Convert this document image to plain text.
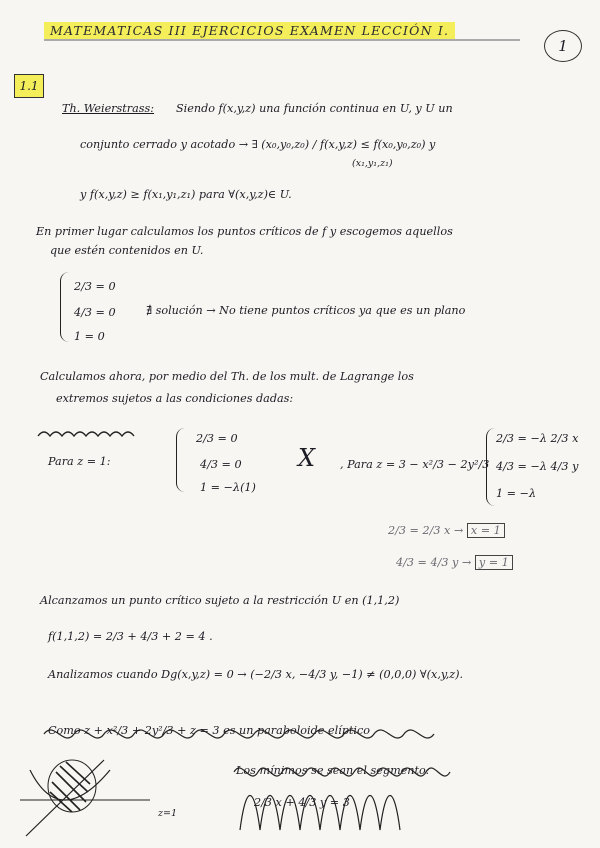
MATEMATICAS III EJERCICIOS EXAMEN LECCIÓN I.
1
1.1
Th. Weierstrass: Siendo f(x,y,z) una función continua en U, y U un
conjunto cerrado y acotado → ∃ (x₀,y₀,z₀) / f(x,y,z) ≤ f(x₀,y₀,z₀) y
(x₁,y₁,z₁)
y f(x,y,z) ≥ f(x₁,y₁,z₁) para ∀(x,y,z)∈ U.
En primer lugar calculamos los puntos críticos de f y escogemos aquellos
que estén contenidos en U.
2/3 = 0
4/3 = 0
1 = 0
∄ solución → No tiene puntos críticos ya que es un plano
Calculamos ahora, por medio del Th. de los mult. de Lagrange los
extremos sujetos a las condiciones dadas:
Para z = 1:
2/3 = 0
4/3 = 0
1 = −λ(1)
X , Para z = 3 − x²/3 − 2y²/3
2/3 = −λ 2/3 x
4/3 = −λ 4/3 y
1 = −λ
2/3 = 2/3 x → x = 1
4/3 = 4/3 y → y = 1
Alcanzamos un punto crítico sujeto a la restricción U en (1,1,2)
f(1,1,2) = 2/3 + 4/3 + 2 = 4 .
Analizamos cuando Dg(x,y,z) = 0 → (−2/3 x, −4/3 y, −1) ≠ (0,0,0) ∀(x,y,z).
Como z + x²/3 + 2y²/3 + z = 3 es un paraboloide elíptico
Los mínimos se sean el segmento:
2/3 x + 4/3 y = 3
z=1
